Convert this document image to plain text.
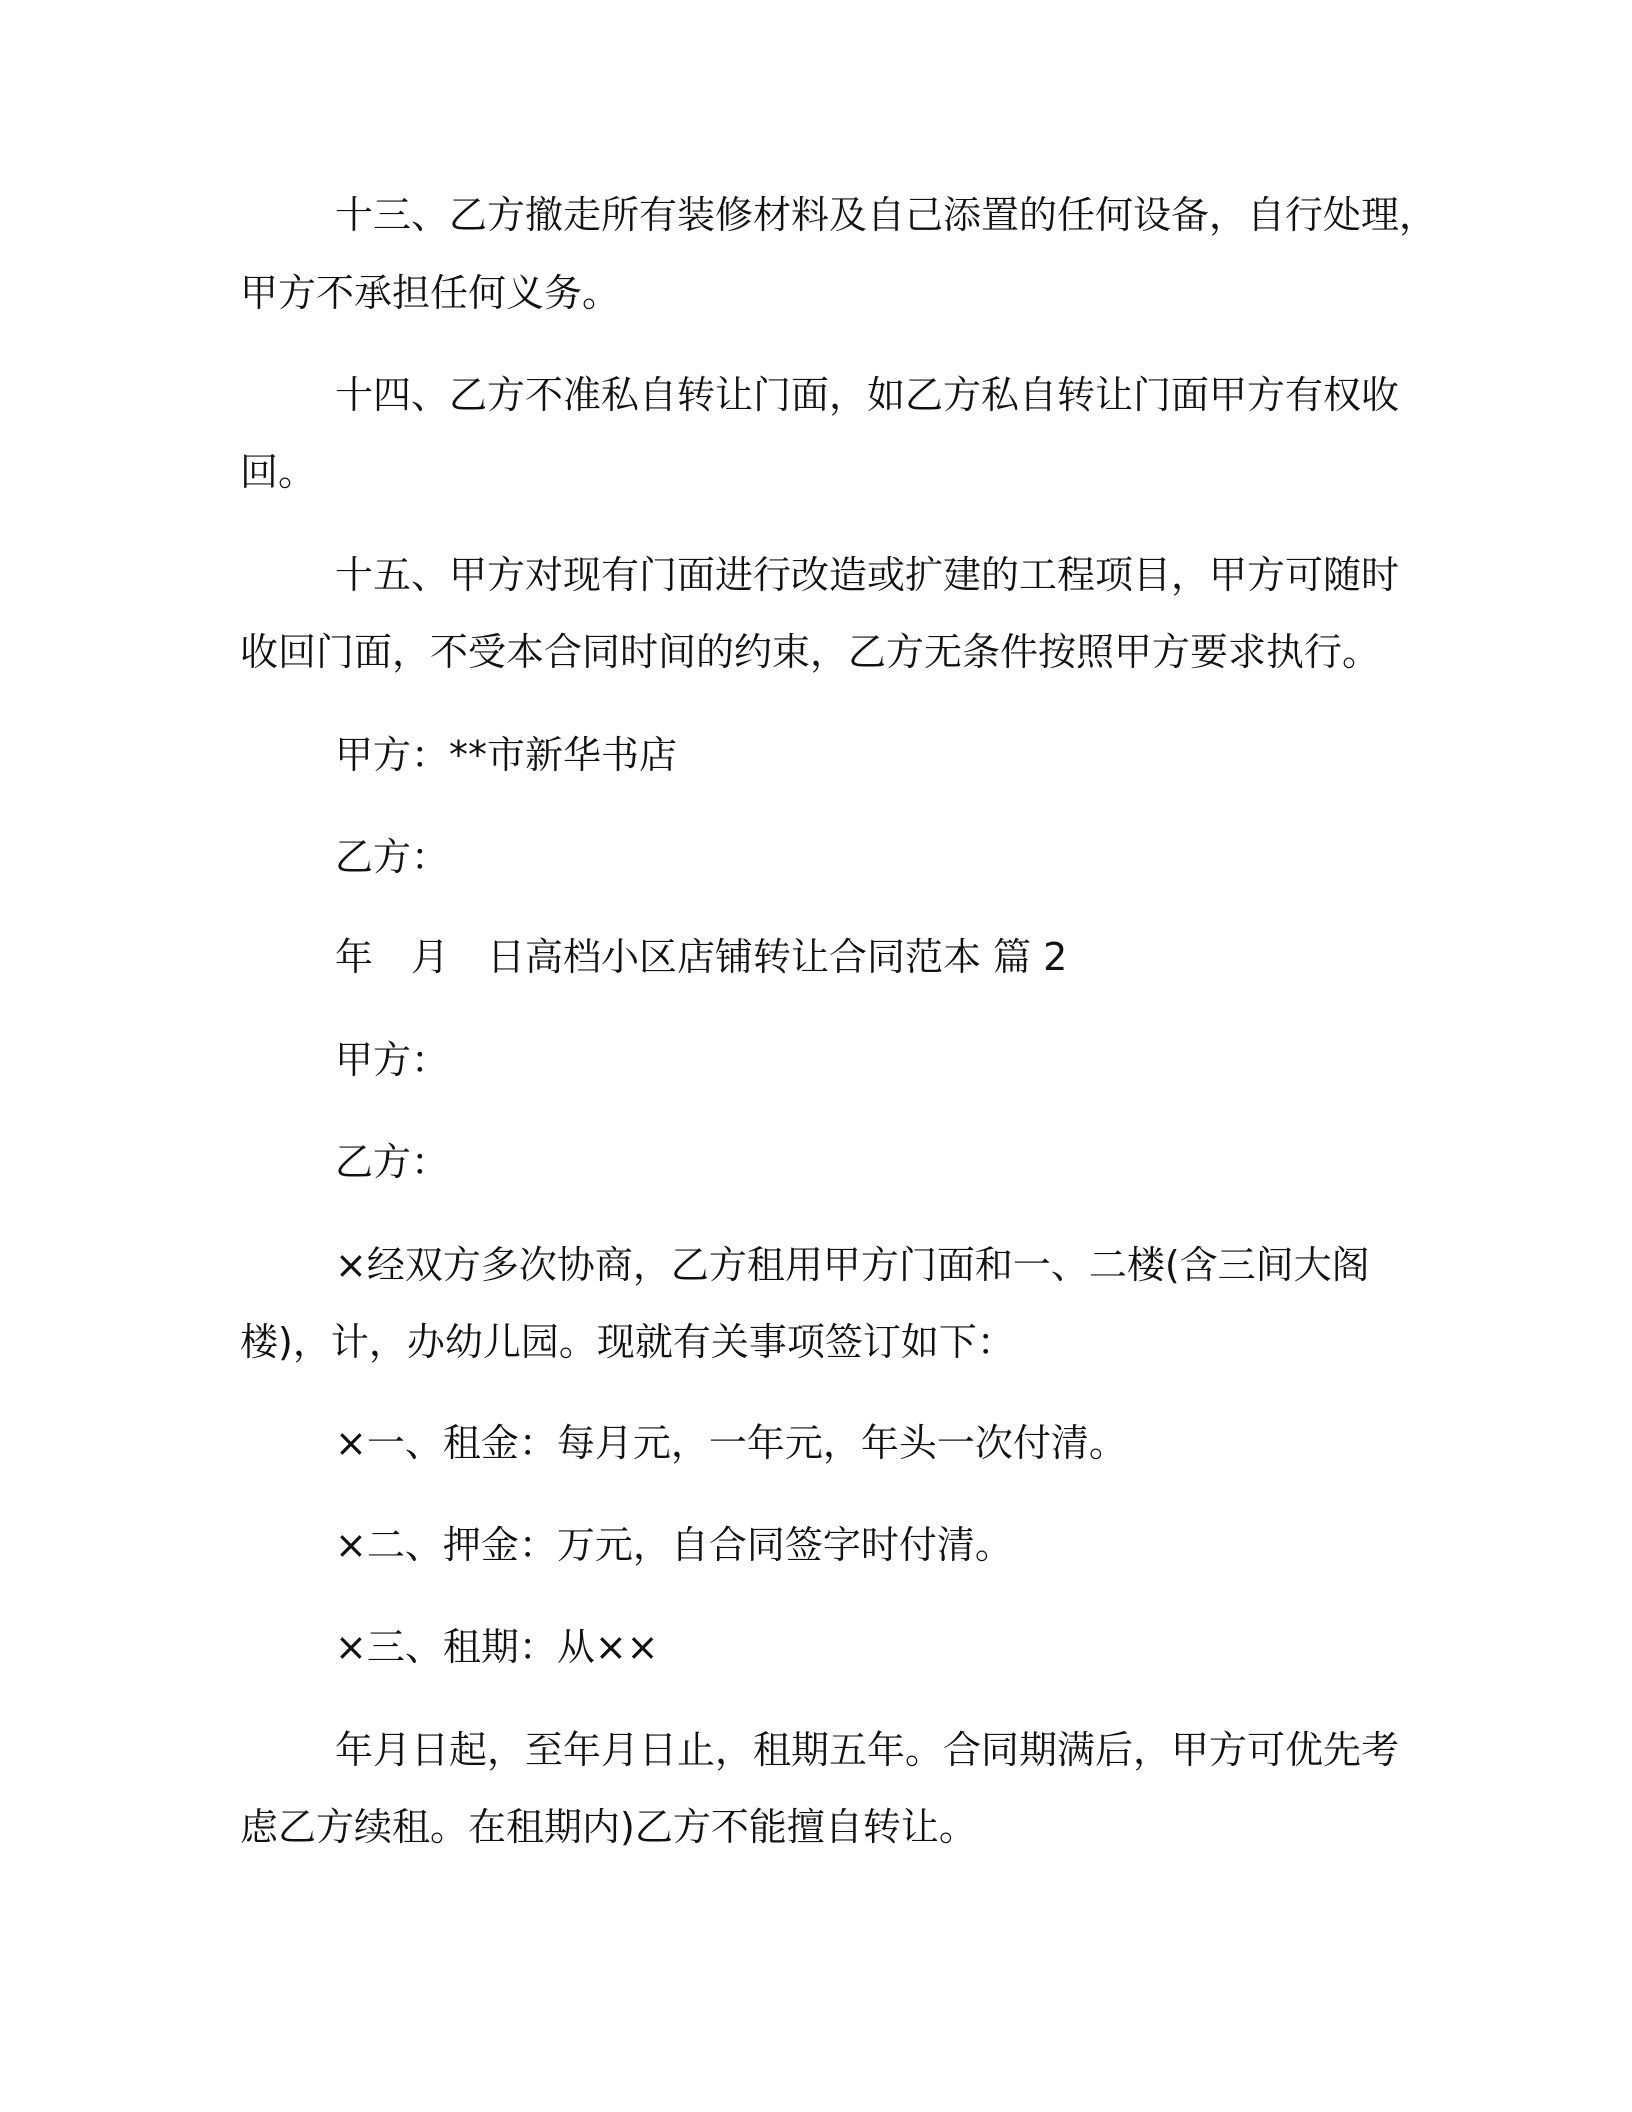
十三、乙方撤走所有装修材料及自己添置的任何设备，自行处理，
甲方不承担任何义务。
十四、乙方不准私自转让门面，如乙方私自转让门面甲方有权收
回。
十五、甲方对现有门面进行改造或扩建的工程项目，甲方可随时
收回门面，不受本合同时间的约束，乙方无条件按照甲方要求执行。
甲方：**市新华书店
乙方：
年　月　日高档小区店铺转让合同范本 篇 2
甲方：
乙方：
×经双方多次协商，乙方租用甲方门面和一、二楼(含三间大阁
楼)，计，办幼儿园。现就有关事项签订如下：
×一、租金：每月元，一年元，年头一次付清。
×二、押金：万元，自合同签字时付清。
×三、租期：从××
年月日起，至年月日止，租期五年。合同期满后，甲方可优先考
虑乙方续租。在租期内)乙方不能擅自转让。
